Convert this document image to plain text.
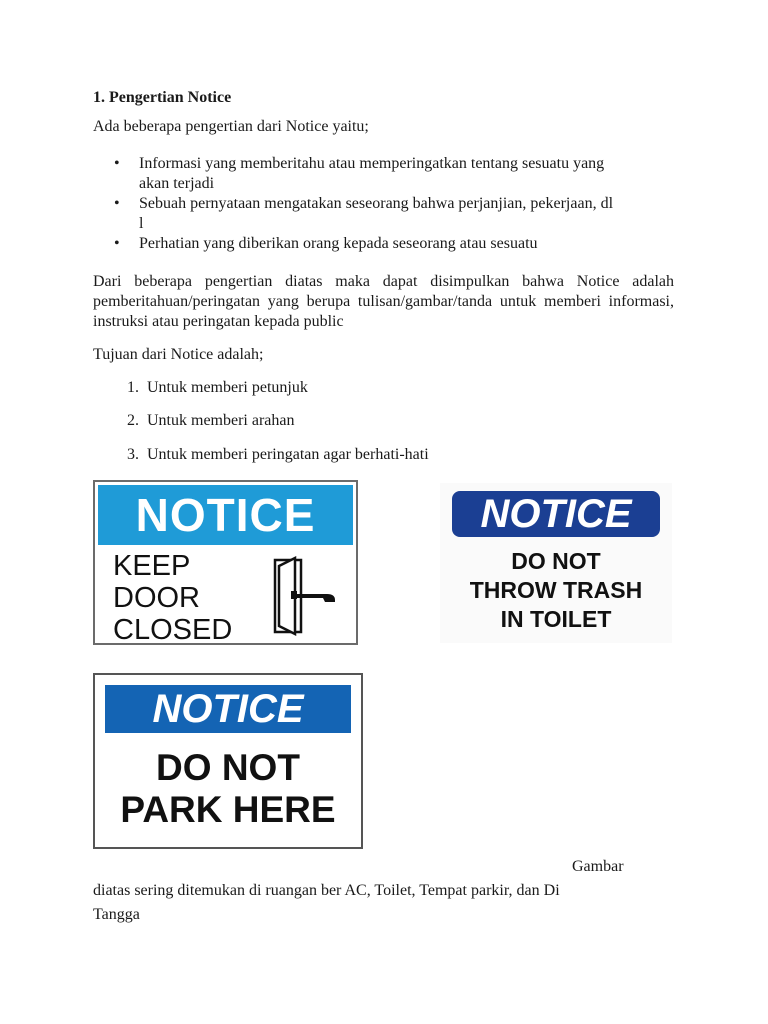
1. Pengertian Notice
Ada beberapa pengertian dari Notice yaitu;
• Informasi yang memberitahu atau memperingatkan tentang sesuatu yang
akan terjadi
• Sebuah pernyataan mengatakan seseorang bahwa perjanjian, pekerjaan, dl
l
• Perhatian yang diberikan orang kepada seseorang atau sesuatu
Dari beberapa pengertian diatas maka dapat disimpulkan bahwa Notice adalah pemberitahuan/peringatan yang berupa tulisan/gambar/tanda untuk memberi informasi, instruksi atau peringatan kepada public
Tujuan dari Notice adalah;
1. Untuk memberi petunjuk
2. Untuk memberi arahan
3. Untuk memberi peringatan agar berhati-hati
NOTICE
KEEP
DOOR
CLOSED
NOTICE
DO NOT
THROW TRASH
IN TOILET
NOTICE
DO NOT
PARK HERE
Gambar
diatas sering ditemukan di ruangan ber AC, Toilet, Tempat parkir, dan Di
Tangga
